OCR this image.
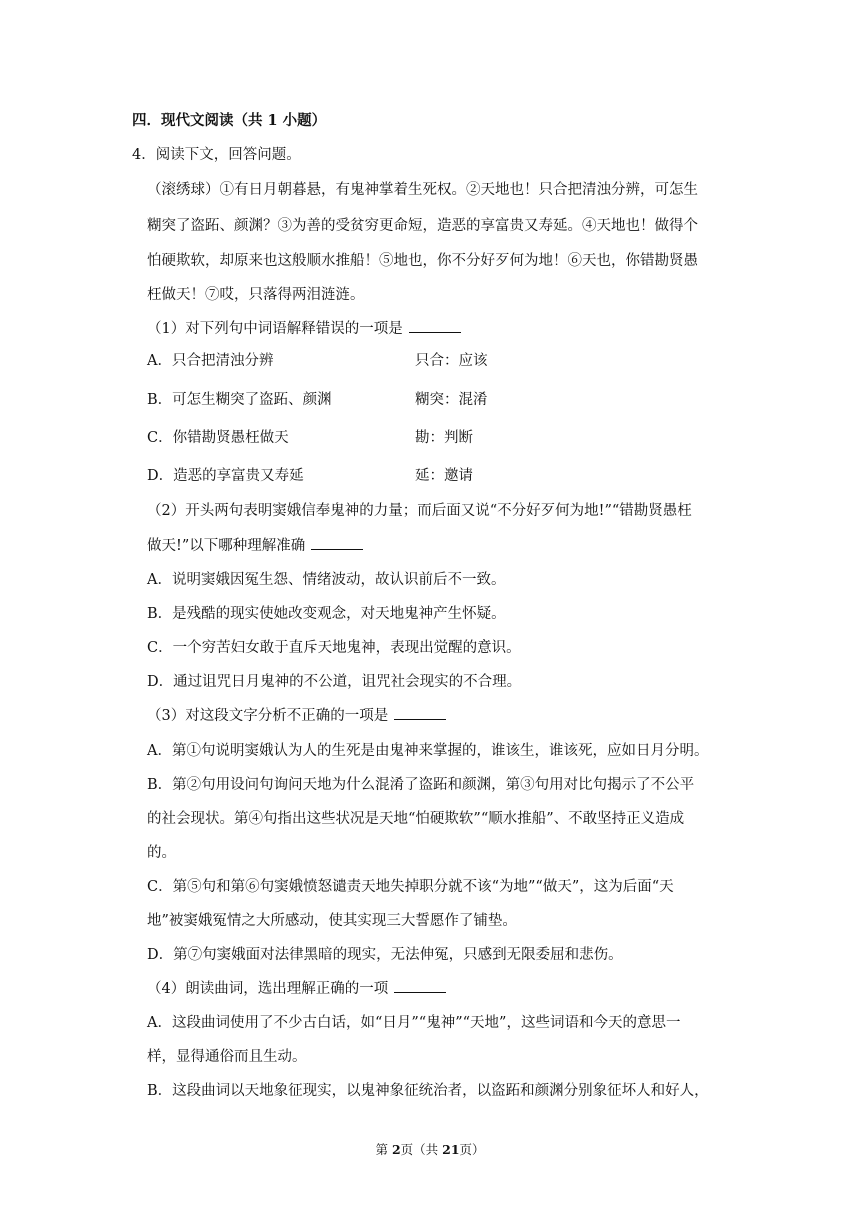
四．现代文阅读（共 1 小题）
4．阅读下文，回答问题。
（滚绣球）①有日月朝暮悬，有鬼神掌着生死权。②天地也！只合把清浊分辨，可怎生
糊突了盗跖、颜渊？③为善的受贫穷更命短，造恶的享富贵又寿延。④天地也！做得个
怕硬欺软，却原来也这般顺水推船！⑤地也，你不分好歹何为地！⑥天也，你错勘贤愚
枉做天！⑦哎，只落得两泪涟涟。
（1）对下列句中词语解释错误的一项是
A．只合把清浊分辨	只合：应该
B．可怎生糊突了盗跖、颜渊	糊突：混淆
C．你错勘贤愚枉做天	勘：判断
D．造恶的享富贵又寿延	延：邀请
（2）开头两句表明窦娥信奉鬼神的力量；而后面又说“不分好歹何为地!”“错勘贤愚枉
做天!”以下哪种理解准确
A．说明窦娥因冤生怨、情绪波动，故认识前后不一致。
B．是残酷的现实使她改变观念，对天地鬼神产生怀疑。
C．一个穷苦妇女敢于直斥天地鬼神，表现出觉醒的意识。
D．通过诅咒日月鬼神的不公道，诅咒社会现实的不合理。
（3）对这段文字分析不正确的一项是
A．第①句说明窦娥认为人的生死是由鬼神来掌握的，谁该生，谁该死，应如日月分明。
B．第②句用设问句询问天地为什么混淆了盗跖和颜渊，第③句用对比句揭示了不公平
的社会现状。第④句指出这些状况是天地“怕硬欺软”“顺水推船”、不敢坚持正义造成
的。
C．第⑤句和第⑥句窦娥愤怒谴责天地失掉职分就不该“为地”“做天”，这为后面“天
地”被窦娥冤情之大所感动，使其实现三大誓愿作了铺垫。
D．第⑦句窦娥面对法律黑暗的现实，无法伸冤，只感到无限委屈和悲伤。
（4）朗读曲词，选出理解正确的一项
A．这段曲词使用了不少古白话，如“日月”“鬼神”“天地”，这些词语和今天的意思一
样，显得通俗而且生动。
B．这段曲词以天地象征现实，以鬼神象征统治者，以盗跖和颜渊分别象征坏人和好人，
第 2页（共 21页）
